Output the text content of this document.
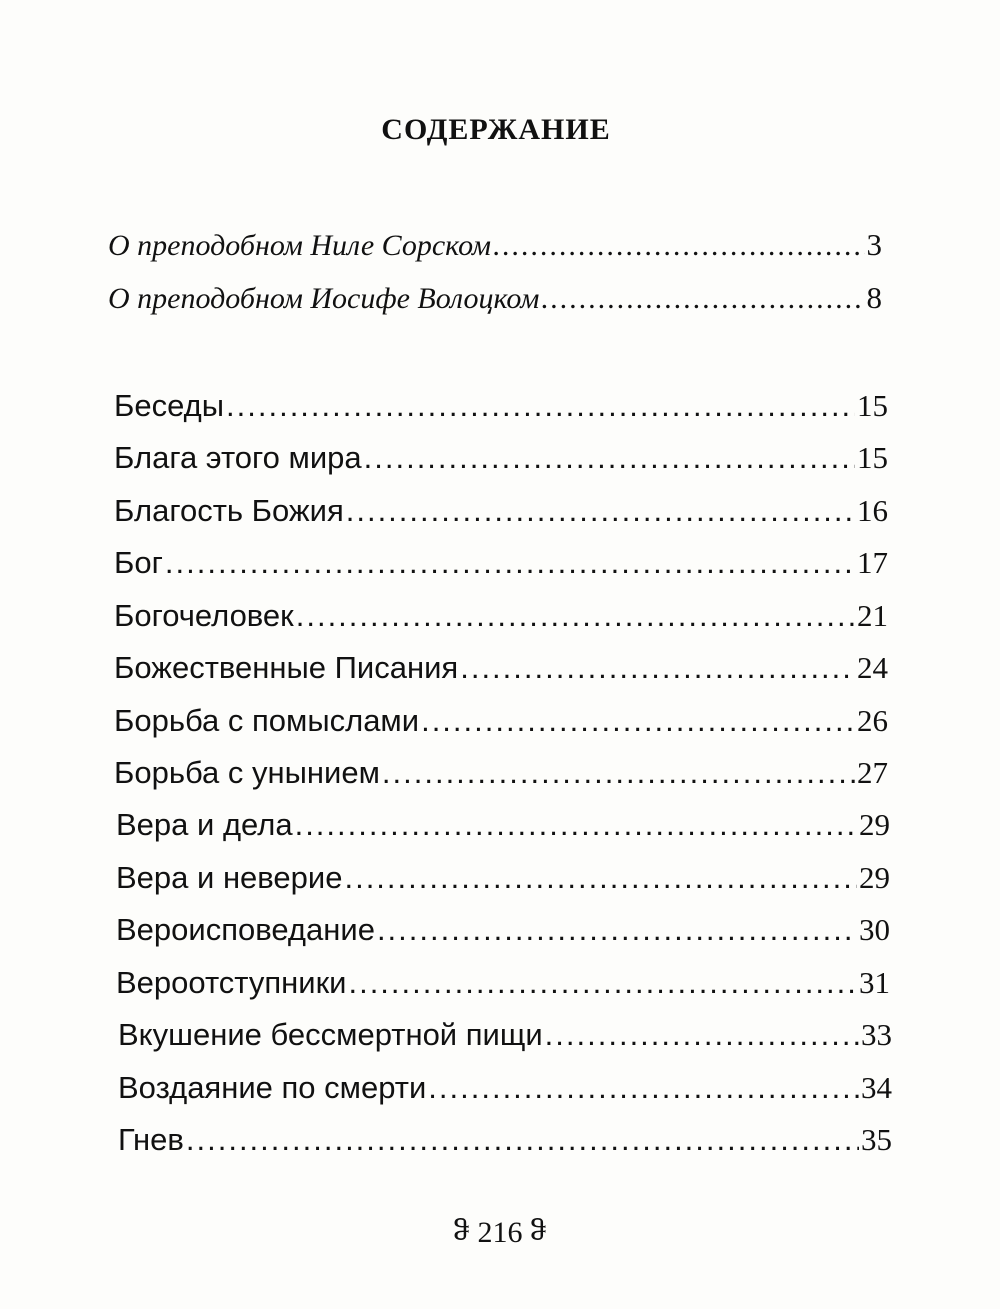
СОДЕРЖАНИЕ
О преподобном Ниле Сорском .....	3
О преподобном Иосифе Волоцком .....	8
Беседы .....	15
Блага этого мира .....	15
Благость Божия .....	16
Бог .....	17
Богочеловек .....	21
Божественные Писания .....	24
Борьба с помыслами .....	26
Борьба с унынием .....	27
Вера и дела .....	29
Вера и неверие .....	29
Вероисповедание .....	30
Вероотступники .....	31
Вкушение бессмертной пищи .....	33
Воздаяние по смерти .....	34
Гнев .....	35
ჵ 216 ჵ
